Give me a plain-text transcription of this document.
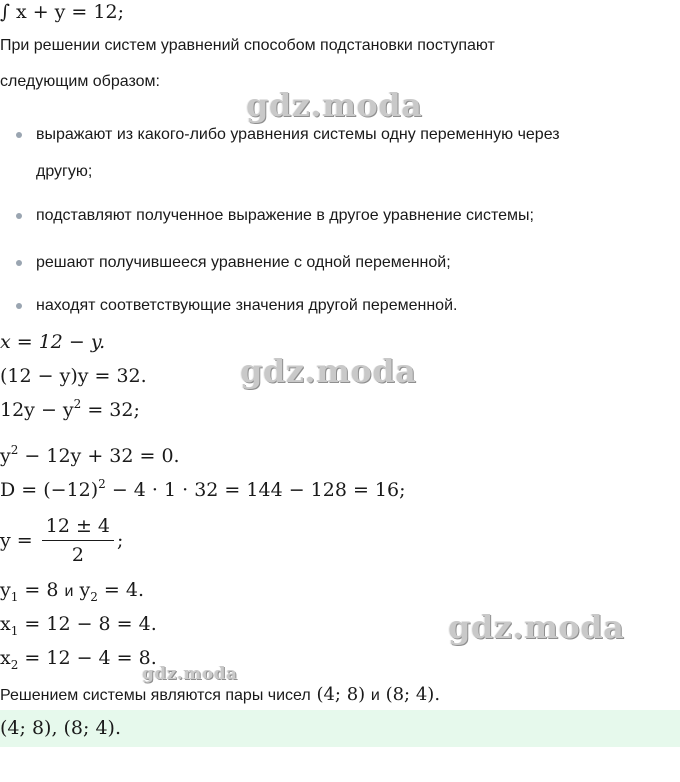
∫ x + y = 12;
При решении систем уравнений способом подстановки поступают
следующим образом:
выражают из какого-либо уравнения системы одну переменную через
другую;
подставляют полученное выражение в другое уравнение системы;
решают получившееся уравнение с одной переменной;
находят соответствующие значения другой переменной.
x = 12 − y.
(12 − y)y = 32.
$12y - y^2 = 32$;
$y^2 - 12y + 32 = 0$.
$D = (-12)^2 - 4 \cdot 1 \cdot 32 = 144 - 128 = 16$;
$y = \frac{12 \pm 4}{2}$ ;
$y_1 = 8$ и $y_2 = 4$.
$x_1 = 12 - 8 = 4$.
$x_2 = 12 - 4 = 8$.
Решением системы являются пары чисел (4; 8) и (8; 4).
(4; 8), (8; 4).
gdz.moda
gdz.moda
gdz.moda
gdz.moda
